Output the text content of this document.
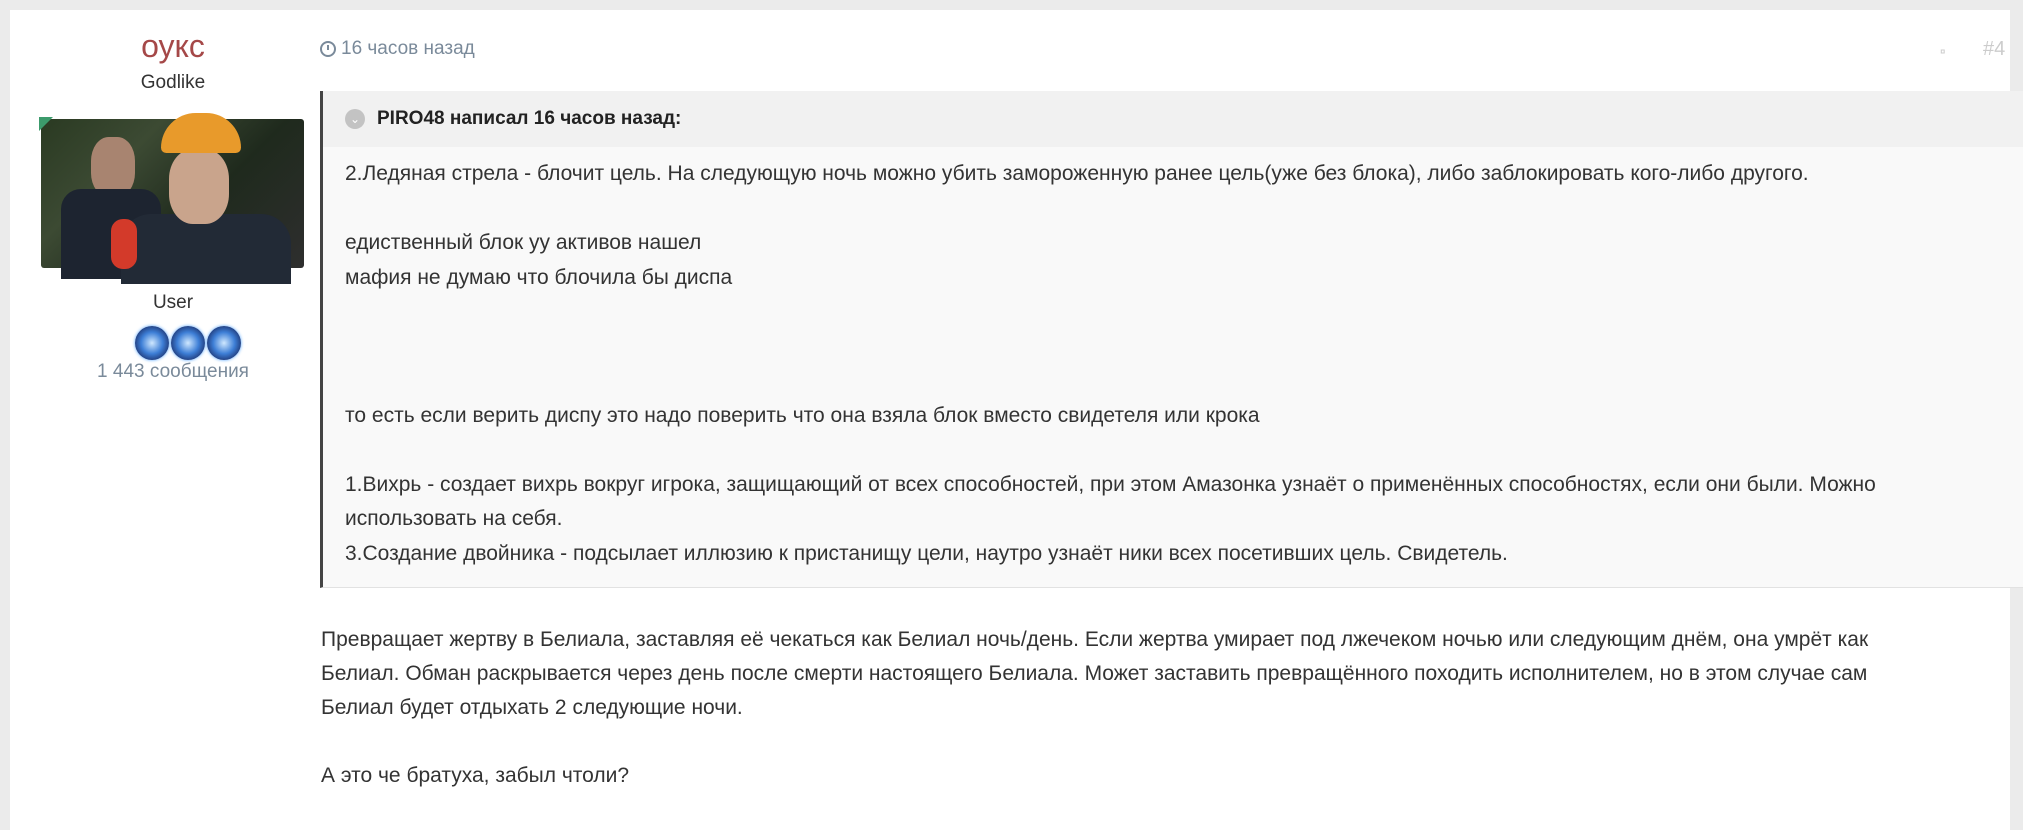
оукс
Godlike
User
1 443 сообщения
16 часов назад	⬞ #4
⌄ PIRO48 написал 16 часов назад:
2.Ледяная стрела - блочит цель. На следующую ночь можно убить замороженную ранее цель(уже без блока), либо заблокировать кого-либо другого.
едиственный блок уу активов нашел
мафия не думаю что блочила бы диспа
то есть если верить диспу это надо поверить что она взяла блок вместо свидетеля или крока
1.Вихрь - создает вихрь вокруг игрока, защищающий от всех способностей, при этом Амазонка узнаёт о применённых способностях, если они были. Можно
использовать на себя.
3.Создание двойника - подсылает иллюзию к пристанищу цели, наутро узнаёт ники всех посетивших цель. Свидетель.
Превращает жертву в Белиала, заставляя её чекаться как Белиал ночь/день. Если жертва умирает под лжечеком ночью или следующим днём, она умрёт как
Белиал. Обман раскрывается через день после смерти настоящего Белиала. Может заставить превращённого походить исполнителем, но в этом случае сам
Белиал будет отдыхать 2 следующие ночи.
А это че братуха, забыл чтоли?
